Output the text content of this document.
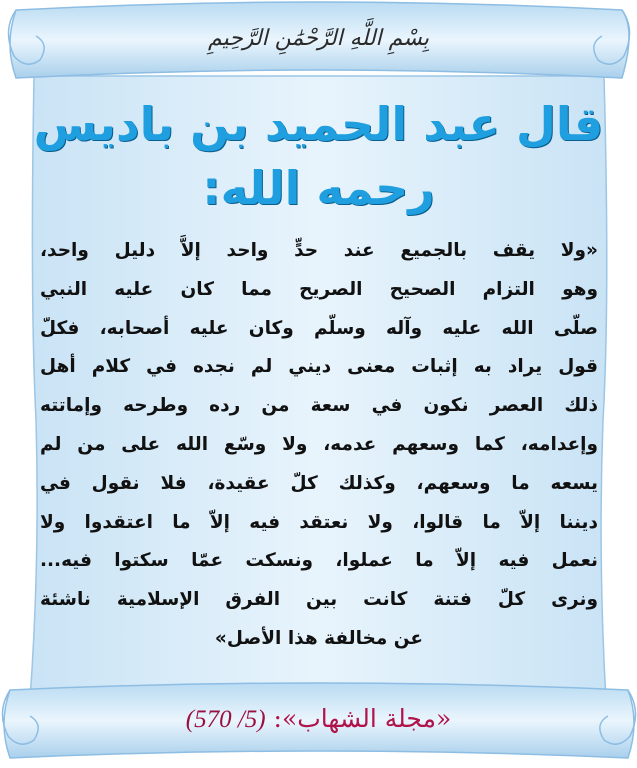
بِسْمِ اللَّهِ الرَّحْمَٰنِ الرَّحِيمِ
قال عبد الحميد بن باديس
رحمه الله:
«ولا يقف بالجميع عند حدٍّ واحد إلاَّ دليل واحد،
وهو التزام الصحيح الصريح مما كان عليه النبي
صلّى الله عليه وآله وسلّم وكان عليه أصحابه، فكلّ
قول يراد به إثبات معنى ديني لم نجده في كلام أهل
ذلك العصر نكون في سعة من رده وطرحه وإماتته
وإعدامه، كما وسعهم عدمه، ولا وسّع الله على من لم
يسعه ما وسعهم، وكذلك كلّ عقيدة، فلا نقول في
ديننا إلاّ ما قالوا، ولا نعتقد فيه إلاّ ما اعتقدوا ولا
نعمل فيه إلاّ ما عملوا، ونسكت عمّا سكتوا فيه...
ونرى كلّ فتنة كانت بين الفرق الإسلامية ناشئة
عن مخالفة هذا الأصل»
«مجلة الشهاب»: (5/ 570)
